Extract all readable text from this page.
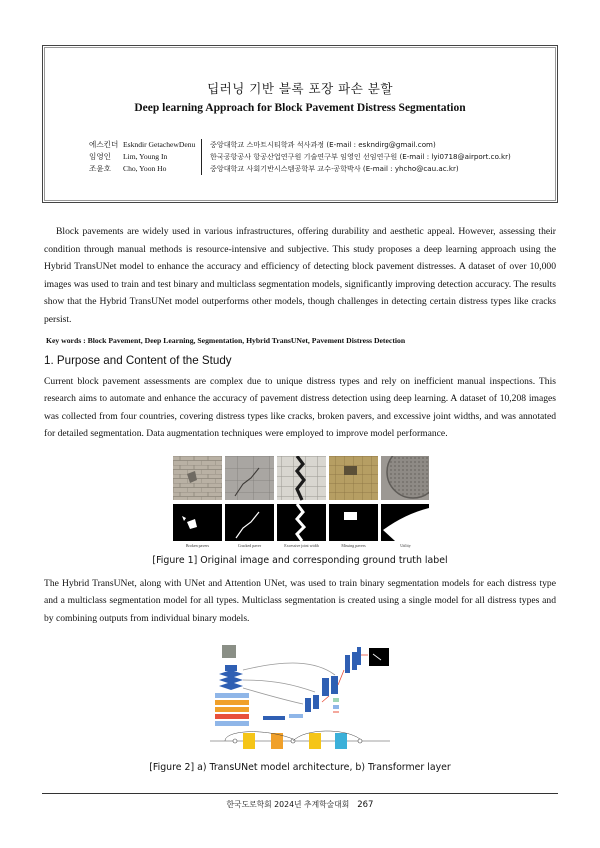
딥러닝 기반 블록 포장 파손 분할
Deep learning Approach for Block Pavement Distress Segmentation
에스킨더 Eskndir GetachewDenu	중앙대학교 스마트시티학과 석사과정 (E-mail : eskndirg@gmail.com)
임영인	Lim, Young In	한국공항공사 항공산업연구원 기술연구부 임영인 선임연구원 (E-mail : lyi0718@airport.co.kr)
조윤호	Cho, Yoon Ho	중앙대학교 사회기반시스템공학부 교수·공학박사 (E-mail : yhcho@cau.ac.kr)
Block pavements are widely used in various infrastructures, offering durability and aesthetic appeal. However, assessing their condition through manual methods is resource-intensive and subjective. This study proposes a deep learning approach using the Hybrid TransUNet model to enhance the accuracy and efficiency of detecting block pavement distresses. A dataset of over 10,000 images was used to train and test binary and multiclass segmentation models, significantly improving detection accuracy. The results show that the Hybrid TransUNet model outperforms other models, though challenges in detecting certain distress types like cracks persist.
Key words : Block Pavement, Deep Learning, Segmentation, Hybrid TransUNet, Pavement Distress Detection
1. Purpose and Content of the Study
Current block pavement assessments are complex due to unique distress types and rely on inefficient manual inspections. This research aims to automate and enhance the accuracy of pavement distress detection using deep learning. A dataset of 10,208 images was collected from four countries, covering distress types like cracks, broken pavers, and excessive joint widths, and was annotated for detailed segmentation. Data augmentation techniques were employed to improve model performance.
Broken pavers	Cracked paver	Excessive joint width	Missing pavers	Utility
[Figure 1] Original image and corresponding ground truth label
The Hybrid TransUNet, along with UNet and Attention UNet, was used to train binary segmentation models for each distress type and a multiclass segmentation model for all types. Multiclass segmentation is created using a single model for all distress types and by combining outputs from individual binary models.
[Figure 2] a) TransUNet model architecture, b) Transformer layer
한국도로학회 2024년 추계학술대회 267
